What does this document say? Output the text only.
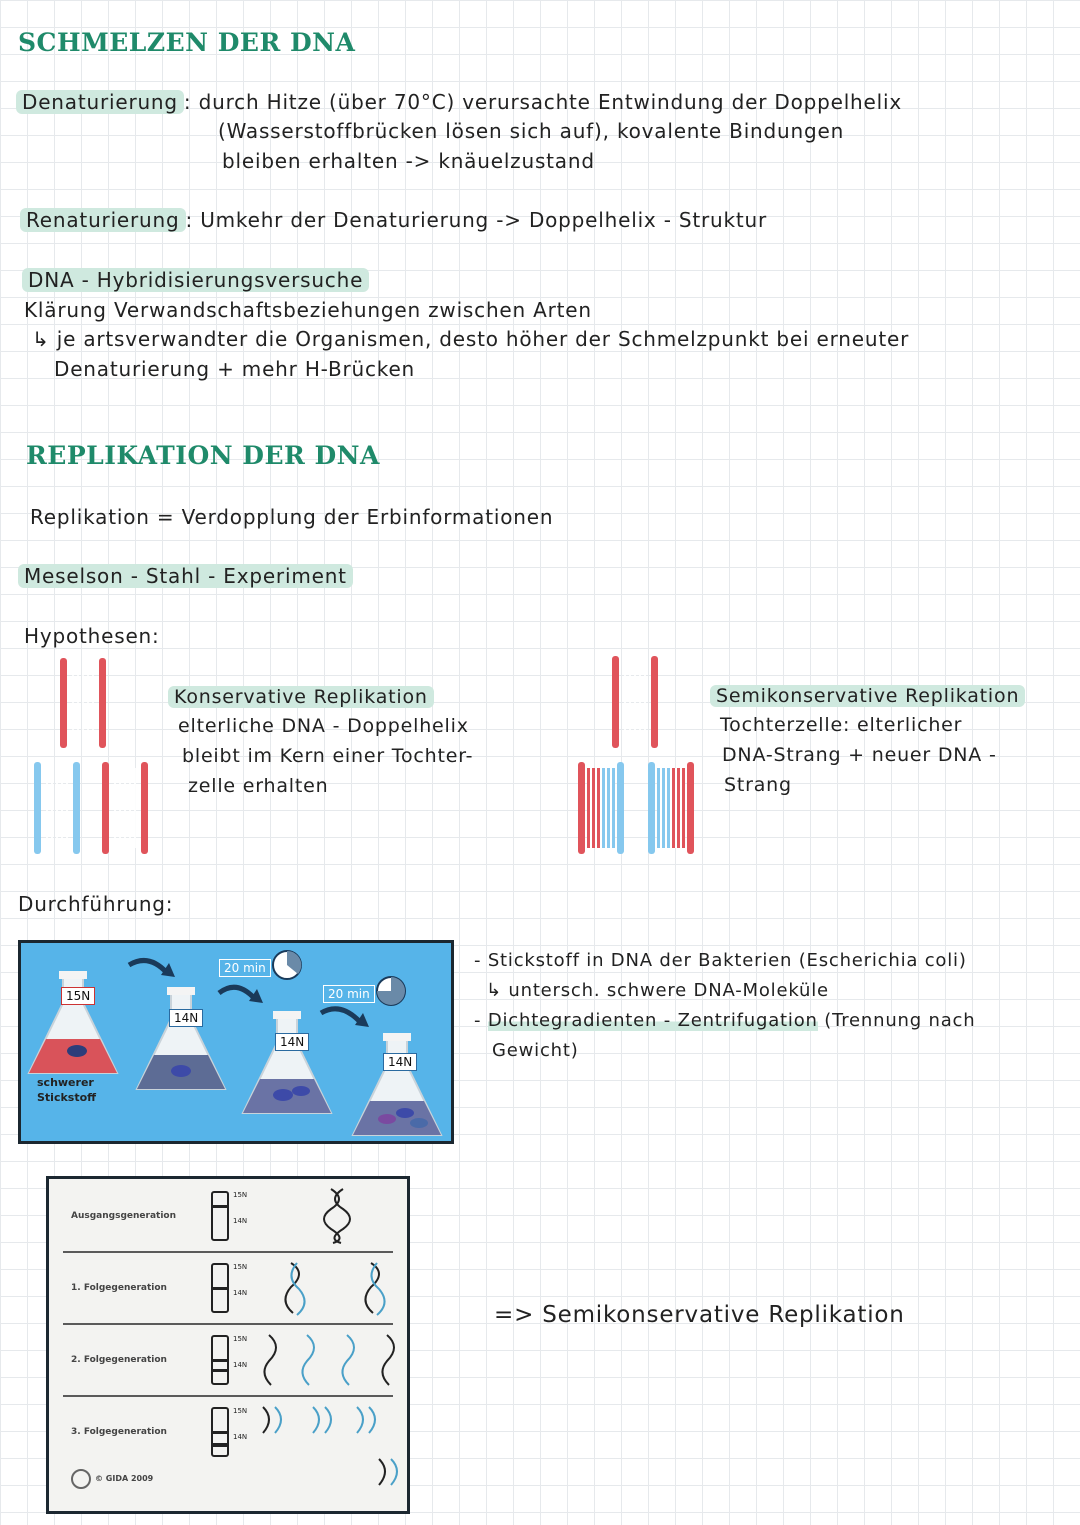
SCHMELZEN DER DNA
Denaturierung : durch Hitze (über 70°C) verursachte Entwindung der Doppelhelix
(Wasserstoffbrücken lösen sich auf), kovalente Bindungen
bleiben erhalten -> knäuelzustand
Renaturierung : Umkehr der Denaturierung -> Doppelhelix - Struktur
DNA - Hybridisierungsversuche
Klärung Verwandschaftsbeziehungen zwischen Arten
↳ je artsverwandter die Organismen, desto höher der Schmelzpunkt bei erneuter
Denaturierung + mehr H-Brücken
REPLIKATION DER DNA
Replikation = Verdopplung der Erbinformationen
Meselson - Stahl - Experiment
Hypothesen:
Konservative Replikation
elterliche DNA - Doppelhelix
bleibt im Kern einer Tochter-
zelle erhalten
Semikonservative Replikation
Tochterzelle: elterlicher
DNA-Strang + neuer DNA -
Strang
Durchführung:
15N
14N
14N
14N
20 min
20 min
schwerer
Stickstoff
- Stickstoff in DNA der Bakterien (Escherichia coli)
↳ untersch. schwere DNA-Moleküle
- Dichtegradienten - Zentrifugation (Trennung nach
Gewicht)
Ausgangsgeneration
15N
14N
1. Folgegeneration
15N
14N
2. Folgegeneration
15N
14N
3. Folgegeneration
15N
14N
© GIDA 2009
=> Semikonservative Replikation
